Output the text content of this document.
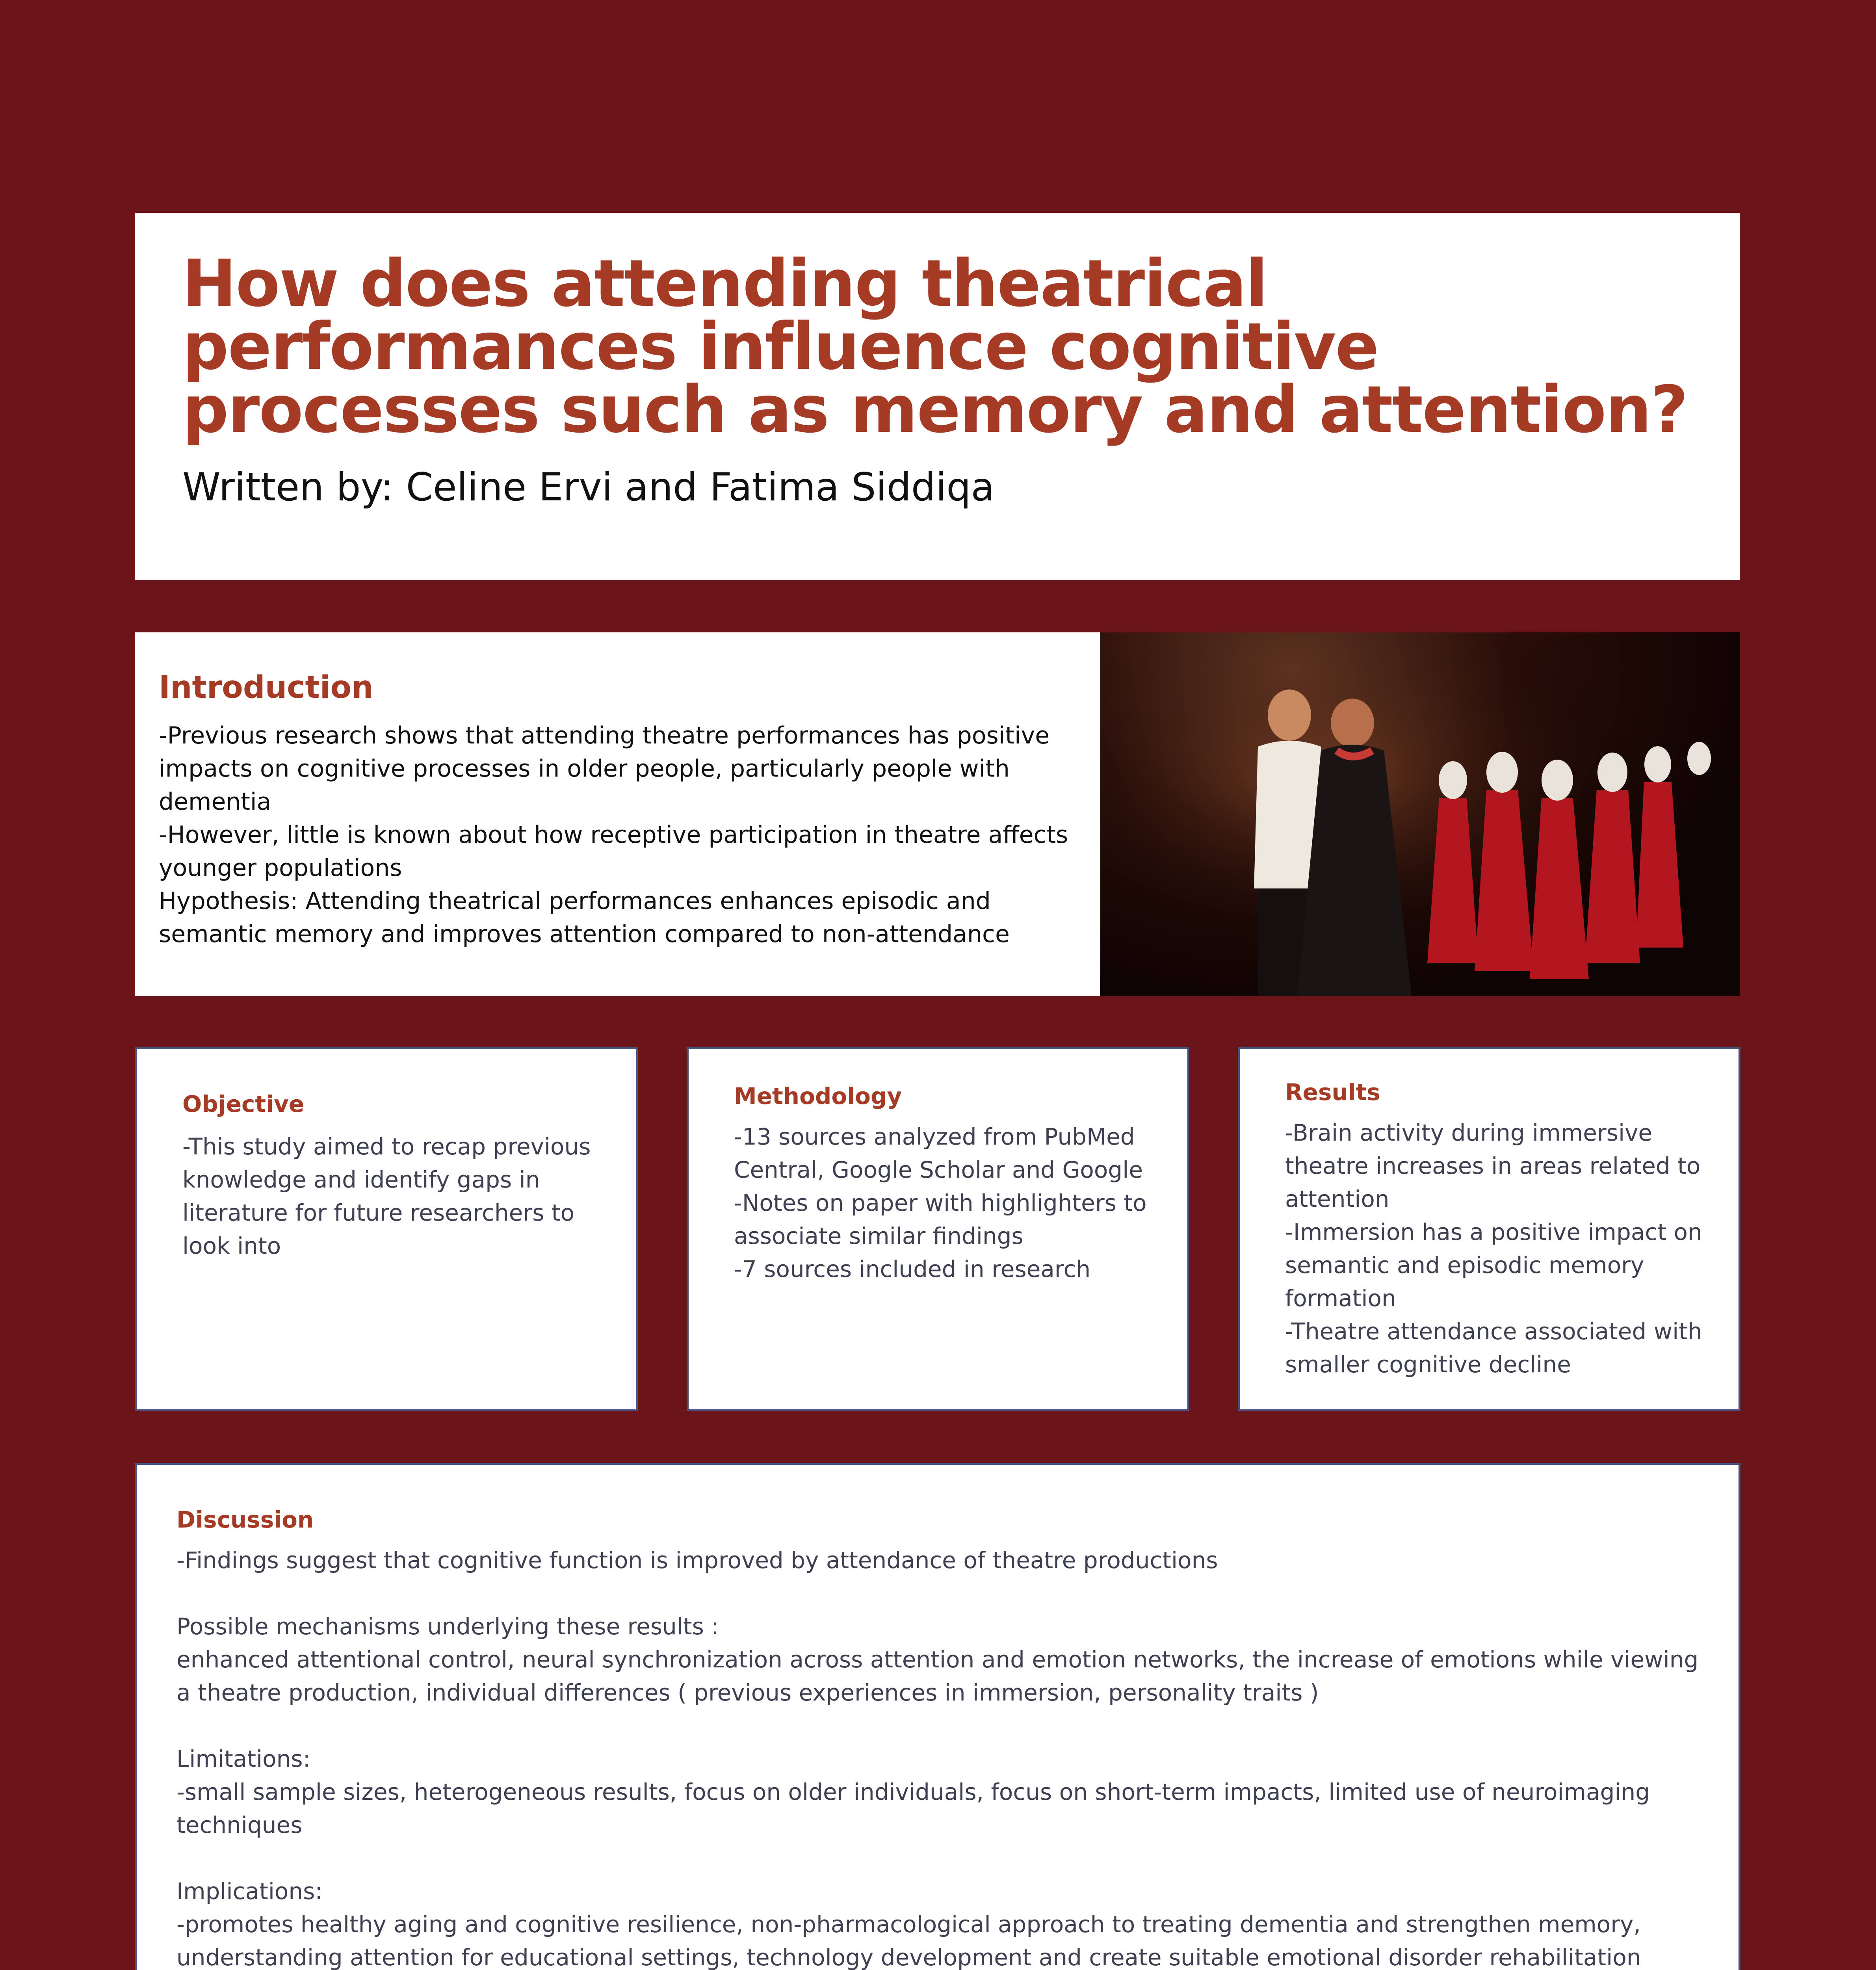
How does attending theatrical performances influence cognitive processes such as memory and attention?

Written by: Celine Ervi and Fatima Siddiqa

Introduction
-Previous research shows that attending theatre performances has positive impacts on cognitive processes in older people, particularly people with dementia
-However, little is known about how receptive participation in theatre affects younger populations
Hypothesis: Attending theatrical performances enhances episodic and semantic memory and improves attention compared to non-attendance
Objective
-This study aimed to recap previous knowledge and identify gaps in literature for future researchers to look into
Methodology
-13 sources analyzed from PubMed Central, Google Scholar and Google
-Notes on paper with highlighters to associate similar findings
-7 sources included in research
Results
-Brain activity during immersive theatre increases in areas related to attention
-Immersion has a positive impact on semantic and episodic memory formation
-Theatre attendance associated with smaller cognitive decline
Discussion

-Findings suggest that cognitive function is improved by attendance of theatre productions

Possible mechanisms underlying these results :

enhanced attentional control, neural synchronization across attention and emotion networks, the increase of emotions while viewing a theatre production, individual differences ( previous experiences in immersion, personality traits )

Limitations:

-small sample sizes, heterogeneous results, focus on older individuals, focus on short-term impacts, limited use of neuroimaging techniques

Implications:

-promotes healthy aging and cognitive resilience, non-pharmacological approach to treating dementia and strengthen memory, understanding attention for educational settings, technology development and create suitable emotional disorder rehabilitation
